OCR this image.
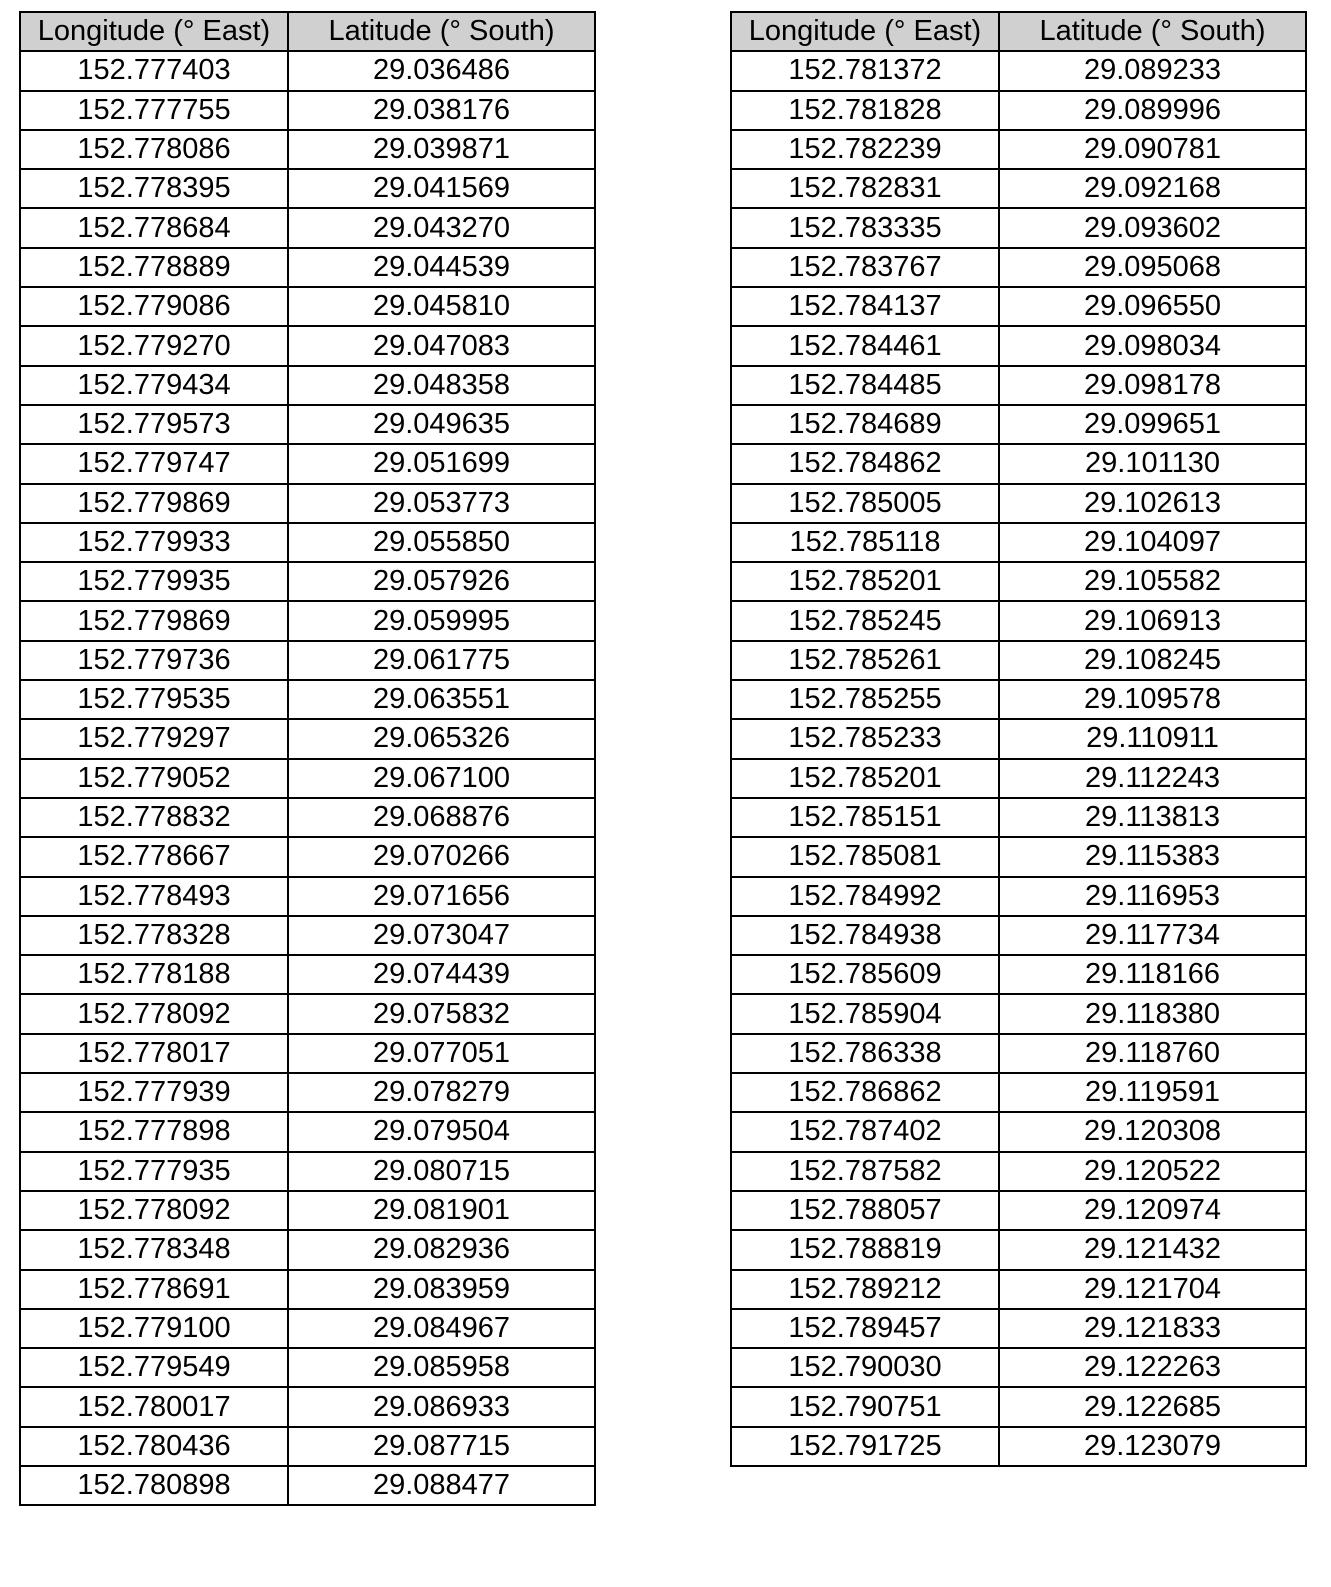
Longitude (° East)	Latitude (° South)
152.777403	29.036486
152.777755	29.038176
152.778086	29.039871
152.778395	29.041569
152.778684	29.043270
152.778889	29.044539
152.779086	29.045810
152.779270	29.047083
152.779434	29.048358
152.779573	29.049635
152.779747	29.051699
152.779869	29.053773
152.779933	29.055850
152.779935	29.057926
152.779869	29.059995
152.779736	29.061775
152.779535	29.063551
152.779297	29.065326
152.779052	29.067100
152.778832	29.068876
152.778667	29.070266
152.778493	29.071656
152.778328	29.073047
152.778188	29.074439
152.778092	29.075832
152.778017	29.077051
152.777939	29.078279
152.777898	29.079504
152.777935	29.080715
152.778092	29.081901
152.778348	29.082936
152.778691	29.083959
152.779100	29.084967
152.779549	29.085958
152.780017	29.086933
152.780436	29.087715
152.780898	29.088477
Longitude (° East)	Latitude (° South)
152.781372	29.089233
152.781828	29.089996
152.782239	29.090781
152.782831	29.092168
152.783335	29.093602
152.783767	29.095068
152.784137	29.096550
152.784461	29.098034
152.784485	29.098178
152.784689	29.099651
152.784862	29.101130
152.785005	29.102613
152.785118	29.104097
152.785201	29.105582
152.785245	29.106913
152.785261	29.108245
152.785255	29.109578
152.785233	29.110911
152.785201	29.112243
152.785151	29.113813
152.785081	29.115383
152.784992	29.116953
152.784938	29.117734
152.785609	29.118166
152.785904	29.118380
152.786338	29.118760
152.786862	29.119591
152.787402	29.120308
152.787582	29.120522
152.788057	29.120974
152.788819	29.121432
152.789212	29.121704
152.789457	29.121833
152.790030	29.122263
152.790751	29.122685
152.791725	29.123079
